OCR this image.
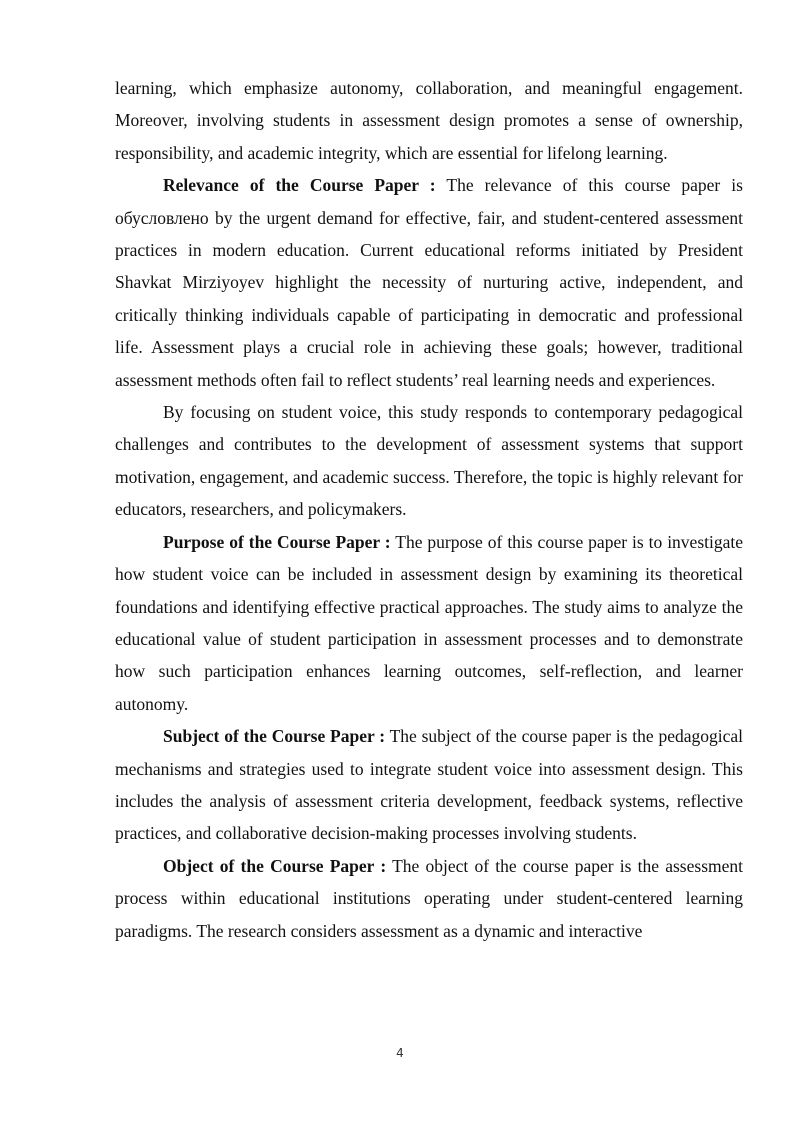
learning, which emphasize autonomy, collaboration, and meaningful engagement. Moreover, involving students in assessment design promotes a sense of ownership, responsibility, and academic integrity, which are essential for lifelong learning.

Relevance of the Course Paper : The relevance of this course paper is обусловлено by the urgent demand for effective, fair, and student-centered assessment practices in modern education. Current educational reforms initiated by President Shavkat Mirziyoyev highlight the necessity of nurturing active, independent, and critically thinking individuals capable of participating in democratic and professional life. Assessment plays a crucial role in achieving these goals; however, traditional assessment methods often fail to reflect students’ real learning needs and experiences.

By focusing on student voice, this study responds to contemporary pedagogical challenges and contributes to the development of assessment systems that support motivation, engagement, and academic success. Therefore, the topic is highly relevant for educators, researchers, and policymakers.

Purpose of the Course Paper : The purpose of this course paper is to investigate how student voice can be included in assessment design by examining its theoretical foundations and identifying effective practical approaches. The study aims to analyze the educational value of student participation in assessment processes and to demonstrate how such participation enhances learning outcomes, self-reflection, and learner autonomy.

Subject of the Course Paper : The subject of the course paper is the pedagogical mechanisms and strategies used to integrate student voice into assessment design. This includes the analysis of assessment criteria development, feedback systems, reflective practices, and collaborative decision-making processes involving students.

Object of the Course Paper : The object of the course paper is the assessment process within educational institutions operating under student-centered learning paradigms. The research considers assessment as a dynamic and interactive

4
